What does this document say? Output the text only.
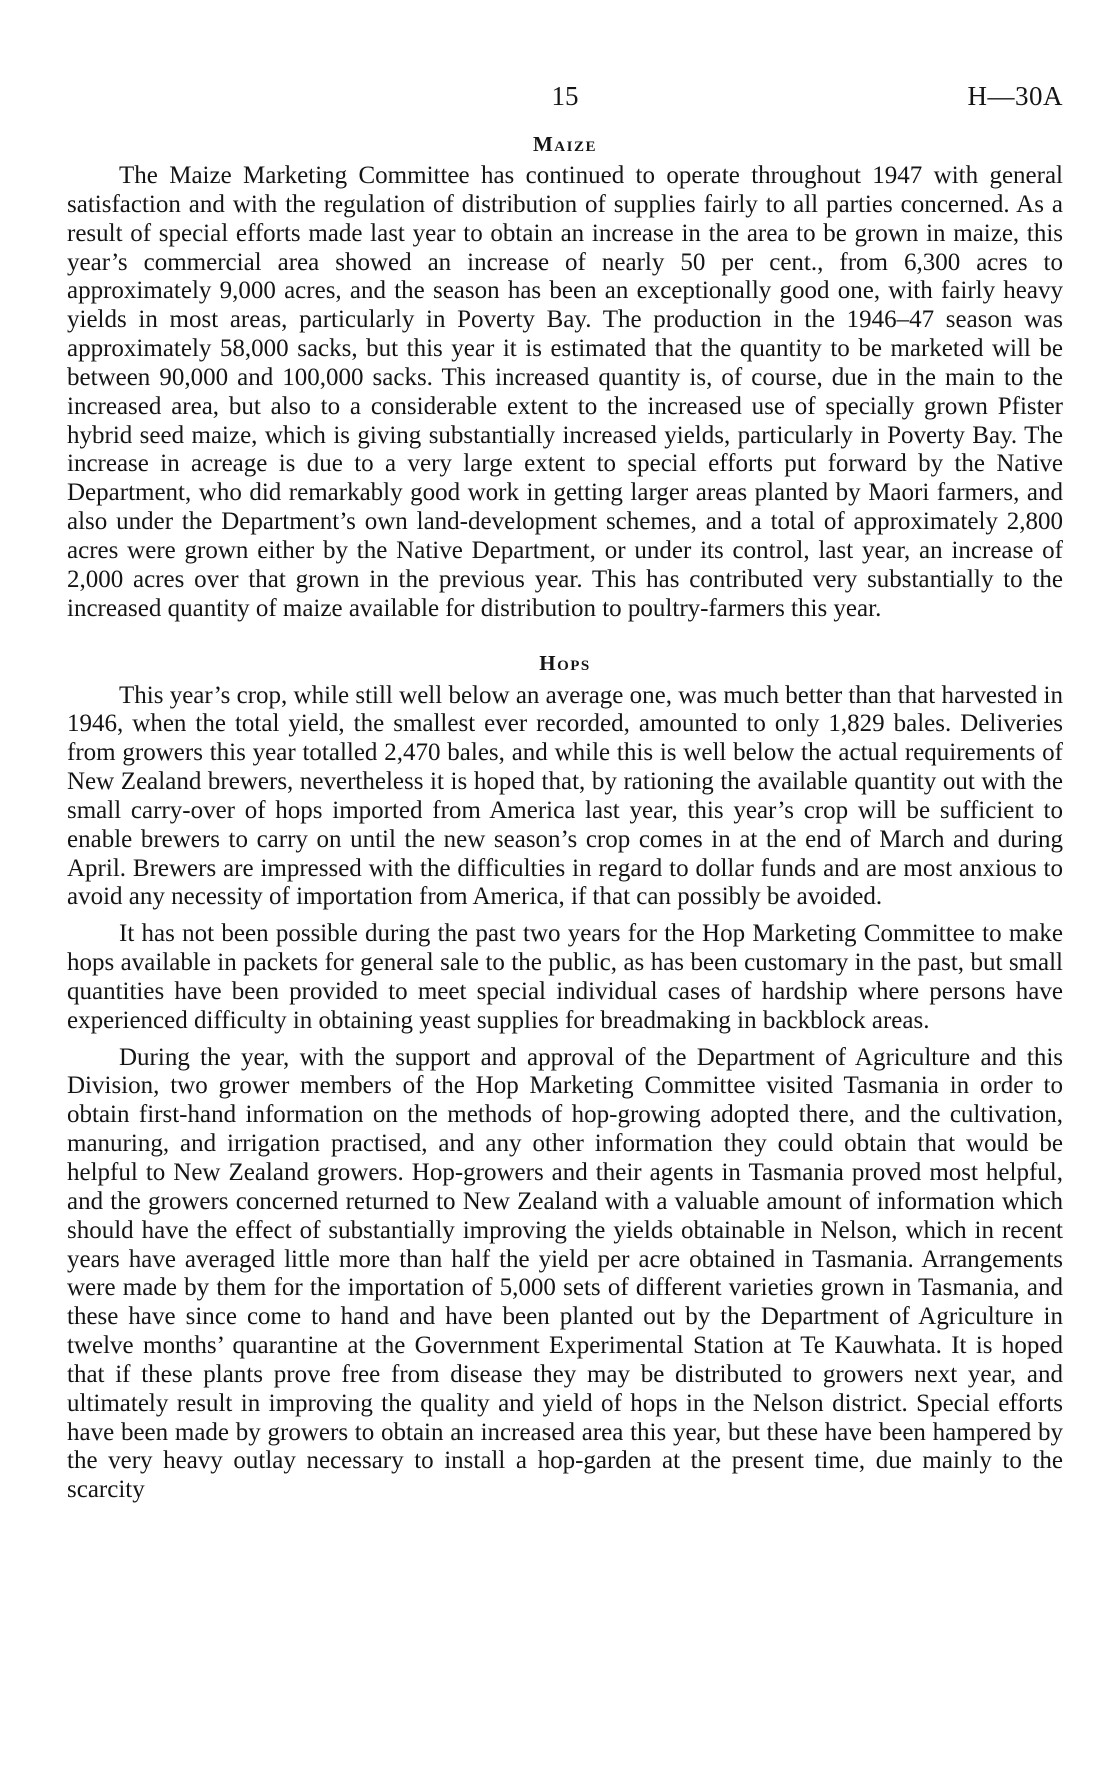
15	H—30A
Maize

The Maize Marketing Committee has continued to operate throughout 1947 with general satisfaction and with the regulation of distribution of supplies fairly to all parties concerned. As a result of special efforts made last year to obtain an increase in the area to be grown in maize, this year’s commercial area showed an increase of nearly 50 per cent., from 6,300 acres to approximately 9,000 acres, and the season has been an exceptionally good one, with fairly heavy yields in most areas, particularly in Poverty Bay. The production in the 1946–47 season was approximately 58,000 sacks, but this year it is estimated that the quantity to be marketed will be between 90,000 and 100,000 sacks. This increased quantity is, of course, due in the main to the increased area, but also to a considerable extent to the increased use of specially grown Pfister hybrid seed maize, which is giving substantially increased yields, particularly in Poverty Bay. The increase in acreage is due to a very large extent to special efforts put forward by the Native Department, who did remarkably good work in getting larger areas planted by Maori farmers, and also under the Department’s own land-development schemes, and a total of approximately 2,800 acres were grown either by the Native Department, or under its control, last year, an increase of 2,000 acres over that grown in the previous year. This has contributed very substantially to the increased quantity of maize available for distribution to poultry-farmers this year.

Hops

This year’s crop, while still well below an average one, was much better than that harvested in 1946, when the total yield, the smallest ever recorded, amounted to only 1,829 bales. Deliveries from growers this year totalled 2,470 bales, and while this is well below the actual requirements of New Zealand brewers, nevertheless it is hoped that, by rationing the available quantity out with the small carry-over of hops imported from America last year, this year’s crop will be sufficient to enable brewers to carry on until the new season’s crop comes in at the end of March and during April. Brewers are impressed with the difficulties in regard to dollar funds and are most anxious to avoid any necessity of importation from America, if that can possibly be avoided.

It has not been possible during the past two years for the Hop Marketing Committee to make hops available in packets for general sale to the public, as has been customary in the past, but small quantities have been provided to meet special individual cases of hardship where persons have experienced difficulty in obtaining yeast supplies for breadmaking in backblock areas.

During the year, with the support and approval of the Department of Agriculture and this Division, two grower members of the Hop Marketing Committee visited Tasmania in order to obtain first-hand information on the methods of hop-growing adopted there, and the cultivation, manuring, and irrigation practised, and any other information they could obtain that would be helpful to New Zealand growers. Hop-growers and their agents in Tasmania proved most helpful, and the growers concerned returned to New Zealand with a valuable amount of information which should have the effect of substantially improving the yields obtainable in Nelson, which in recent years have averaged little more than half the yield per acre obtained in Tasmania. Arrangements were made by them for the importation of 5,000 sets of different varieties grown in Tasmania, and these have since come to hand and have been planted out by the Department of Agriculture in twelve months’ quarantine at the Government Experimental Station at Te Kauwhata. It is hoped that if these plants prove free from disease they may be distributed to growers next year, and ultimately result in improving the quality and yield of hops in the Nelson district. Special efforts have been made by growers to obtain an increased area this year, but these have been hampered by the very heavy outlay necessary to install a hop-garden at the present time, due mainly to the scarcity
